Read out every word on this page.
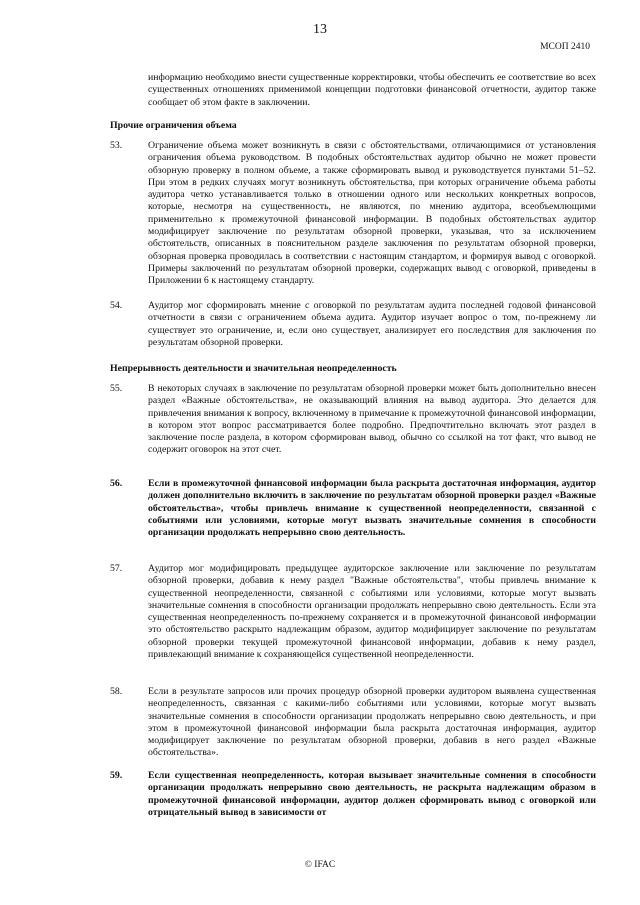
13
МСОП 2410

информацию необходимо внести существенные корректировки, чтобы обеспечить ее соответствие во всех существенных отношениях применимой концепции подготовки финансовой отчетности, аудитор также сообщает об этом факте в заключении.

Прочие ограничения объема
53.	Ограничение объема может возникнуть в связи с обстоятельствами, отличающимися от установления ограничения объема руководством. В подобных обстоятельствах аудитор обычно не может провести обзорную проверку в полном объеме, а также сформировать вывод и руководствуется пунктами 51–52. При этом в редких случаях могут возникнуть обстоятельства, при которых ограничение объема работы аудитора четко устанавливается только в отношении одного или нескольких конкретных вопросов, которые, несмотря на существенность, не являются, по мнению аудитора, всеобъемлющими применительно к промежуточной финансовой информации. В подобных обстоятельствах аудитор модифицирует заключение по результатам обзорной проверки, указывая, что за исключением обстоятельств, описанных в пояснительном разделе заключения по результатам обзорной проверки, обзорная проверка проводилась в соответствии с настоящим стандартом, и формируя вывод с оговоркой. Примеры заключений по результатам обзорной проверки, содержащих вывод с оговоркой, приведены в Приложении 6 к настоящему стандарту.

54.	Аудитор мог сформировать мнение с оговоркой по результатам аудита последней годовой финансовой отчетности в связи с ограничением объема аудита. Аудитор изучает вопрос о том, по-прежнему ли существует это ограничение, и, если оно существует, анализирует его последствия для заключения по результатам обзорной проверки.

Непрерывность деятельности и значительная неопределенность
55.	В некоторых случаях в заключение по результатам обзорной проверки может быть дополнительно внесен раздел «Важные обстоятельства», не оказывающий влияния на вывод аудитора. Это делается для привлечения внимания к вопросу, включенному в примечание к промежуточной финансовой информации, в котором этот вопрос рассматривается более подробно. Предпочтительно включать этот раздел в заключение после раздела, в котором сформирован вывод, обычно со ссылкой на тот факт, что вывод не содержит оговорок на этот счет.

56.	Если в промежуточной финансовой информации была раскрыта достаточная информация, аудитор должен дополнительно включить в заключение по результатам обзорной проверки раздел «Важные обстоятельства», чтобы привлечь внимание к существенной неопределенности, связанной с событиями или условиями, которые могут вызвать значительные сомнения в способности организации продолжать непрерывно свою деятельность.

57.	Аудитор мог модифицировать предыдущее аудиторское заключение или заключение по результатам обзорной проверки, добавив к нему раздел "Важные обстоятельства", чтобы привлечь внимание к существенной неопределенности, связанной с событиями или условиями, которые могут вызвать значительные сомнения в способности организации продолжать непрерывно свою деятельность. Если эта существенная неопределенность по-прежнему сохраняется и в промежуточной финансовой информации это обстоятельство раскрыто надлежащим образом, аудитор модифицирует заключение по результатам обзорной проверки текущей промежуточной финансовой информации, добавив к нему раздел, привлекающий внимание к сохраняющейся существенной неопределенности.

58.	Если в результате запросов или прочих процедур обзорной проверки аудитором выявлена существенная неопределенность, связанная с какими-либо событиями или условиями, которые могут вызвать значительные сомнения в способности организации продолжать непрерывно свою деятельность, и при этом в промежуточной финансовой информации была раскрыта достаточная информация, аудитор модифицирует заключение по результатам обзорной проверки, добавив в него раздел «Важные обстоятельства».

59.	Если существенная неопределенность, которая вызывает значительные сомнения в способности организации продолжать непрерывно свою деятельность, не раскрыта надлежащим образом в промежуточной финансовой информации, аудитор должен сформировать вывод с оговоркой или отрицательный вывод в зависимости от

© IFAC
